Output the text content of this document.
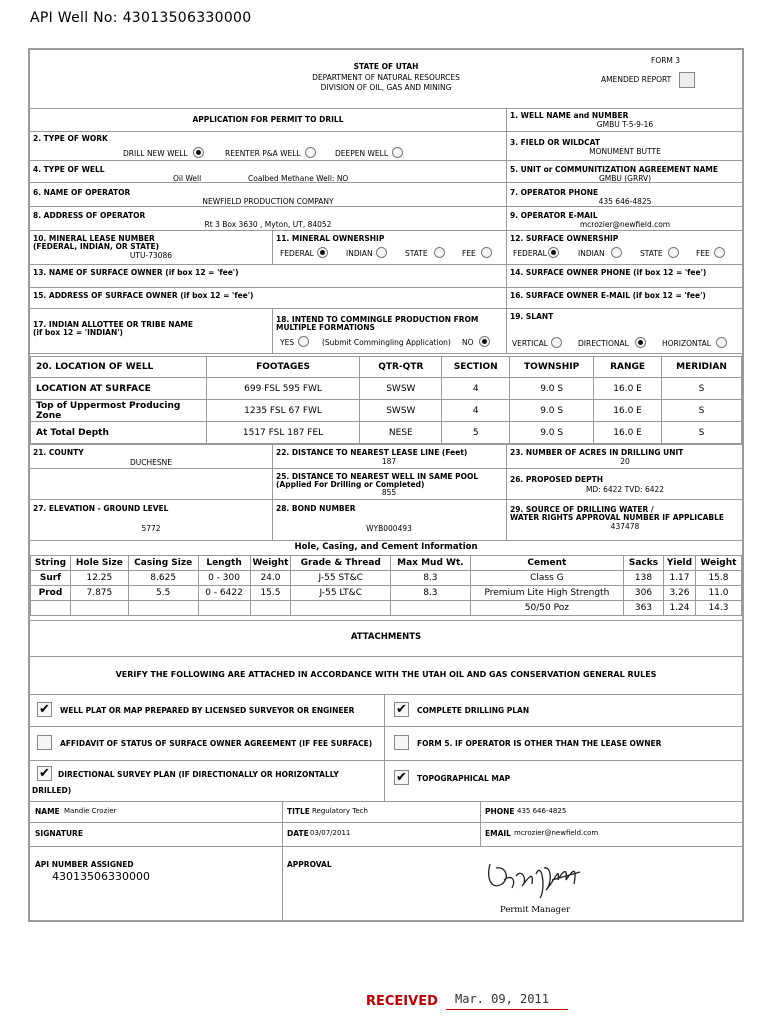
API Well No: 43013506330000
FORM 3
STATE OF UTAH
DEPARTMENT OF NATURAL RESOURCES
DIVISION OF OIL, GAS AND MINING
AMENDED REPORT
APPLICATION FOR PERMIT TO DRILL	1. WELL NAME and NUMBER
GMBU T-5-9-16
2. TYPE OF WORK
DRILL NEW WELL	REENTER P&A WELL	DEEPEN WELL
3. FIELD OR WILDCAT
MONUMENT BUTTE
4. TYPE OF WELL
Oil Well	Coalbed Methane Well: NO
5. UNIT or COMMUNITIZATION AGREEMENT NAME
GMBU (GRRV)
6. NAME OF OPERATOR
NEWFIELD PRODUCTION COMPANY
7. OPERATOR PHONE
435 646-4825
8. ADDRESS OF OPERATOR
Rt 3 Box 3630 , Myton, UT, 84052
9. OPERATOR E-MAIL
mcrozier@newfield.com
10. MINERAL LEASE NUMBER
(FEDERAL, INDIAN, OR STATE)
UTU-73086
11. MINERAL OWNERSHIP
FEDERAL	INDIAN	STATE	FEE
12. SURFACE OWNERSHIP
FEDERAL	INDIAN	STATE	FEE
13. NAME OF SURFACE OWNER (if box 12 = 'fee')	14. SURFACE OWNER PHONE (if box 12 = 'fee')
15. ADDRESS OF SURFACE OWNER (if box 12 = 'fee')	16. SURFACE OWNER E-MAIL (if box 12 = 'fee')
17. INDIAN ALLOTTEE OR TRIBE NAME
(if box 12 = 'INDIAN')
18. INTEND TO COMMINGLE PRODUCTION FROM
MULTIPLE FORMATIONS
YES	(Submit Commingling Application) NO
19. SLANT
VERTICAL	DIRECTIONAL	HORIZONTAL
20. LOCATION OF WELL	FOOTAGES	QTR-QTR	SECTION	TOWNSHIP	RANGE	MERIDIAN
LOCATION AT SURFACE	699 FSL 595 FWL	SWSW	4	9.0 S	16.0 E	S
Top of Uppermost Producing Zone	1235 FSL 67 FWL	SWSW	4	9.0 S	16.0 E	S
At Total Depth	1517 FSL 187 FEL	NESE	5	9.0 S	16.0 E	S
21. COUNTY
DUCHESNE
22. DISTANCE TO NEAREST LEASE LINE (Feet)
187
23. NUMBER OF ACRES IN DRILLING UNIT
20
25. DISTANCE TO NEAREST WELL IN SAME POOL
(Applied For Drilling or Completed)
855
26. PROPOSED DEPTH
MD: 6422 TVD: 6422
27. ELEVATION - GROUND LEVEL
5772
28. BOND NUMBER
WYB000493
29. SOURCE OF DRILLING WATER /
WATER RIGHTS APPROVAL NUMBER IF APPLICABLE
437478
Hole, Casing, and Cement Information
String	Hole Size	Casing Size	Length	Weight	Grade & Thread	Max Mud Wt.	Cement	Sacks	Yield	Weight
Surf	12.25	8.625	0 - 300	24.0	J-55 ST&C	8.3	Class G	138	1.17	15.8
Prod	7.875	5.5	0 - 6422	15.5	J-55 LT&C	8.3	Premium Lite High Strength	306	3.26	11.0
							50/50 Poz	363	1.24	14.3
ATTACHMENTS
VERIFY THE FOLLOWING ARE ATTACHED IN ACCORDANCE WITH THE UTAH OIL AND GAS CONSERVATION GENERAL RULES
✔ WELL PLAT OR MAP PREPARED BY LICENSED SURVEYOR OR ENGINEER	✔ COMPLETE DRILLING PLAN
AFFIDAVIT OF STATUS OF SURFACE OWNER AGREEMENT (IF FEE SURFACE)	FORM 5. IF OPERATOR IS OTHER THAN THE LEASE OWNER
✔ DIRECTIONAL SURVEY PLAN (IF DIRECTIONALLY OR HORIZONTALLY
DRILLED)
✔ TOPOGRAPHICAL MAP
NAME Mandie Crozier	TITLE Regulatory Tech	PHONE 435 646-4825
SIGNATURE	DATE 03/07/2011	EMAIL mcrozier@newfield.com
API NUMBER ASSIGNED
43013506330000
APPROVAL
Permit Manager
RECEIVED Mar. 09, 2011
